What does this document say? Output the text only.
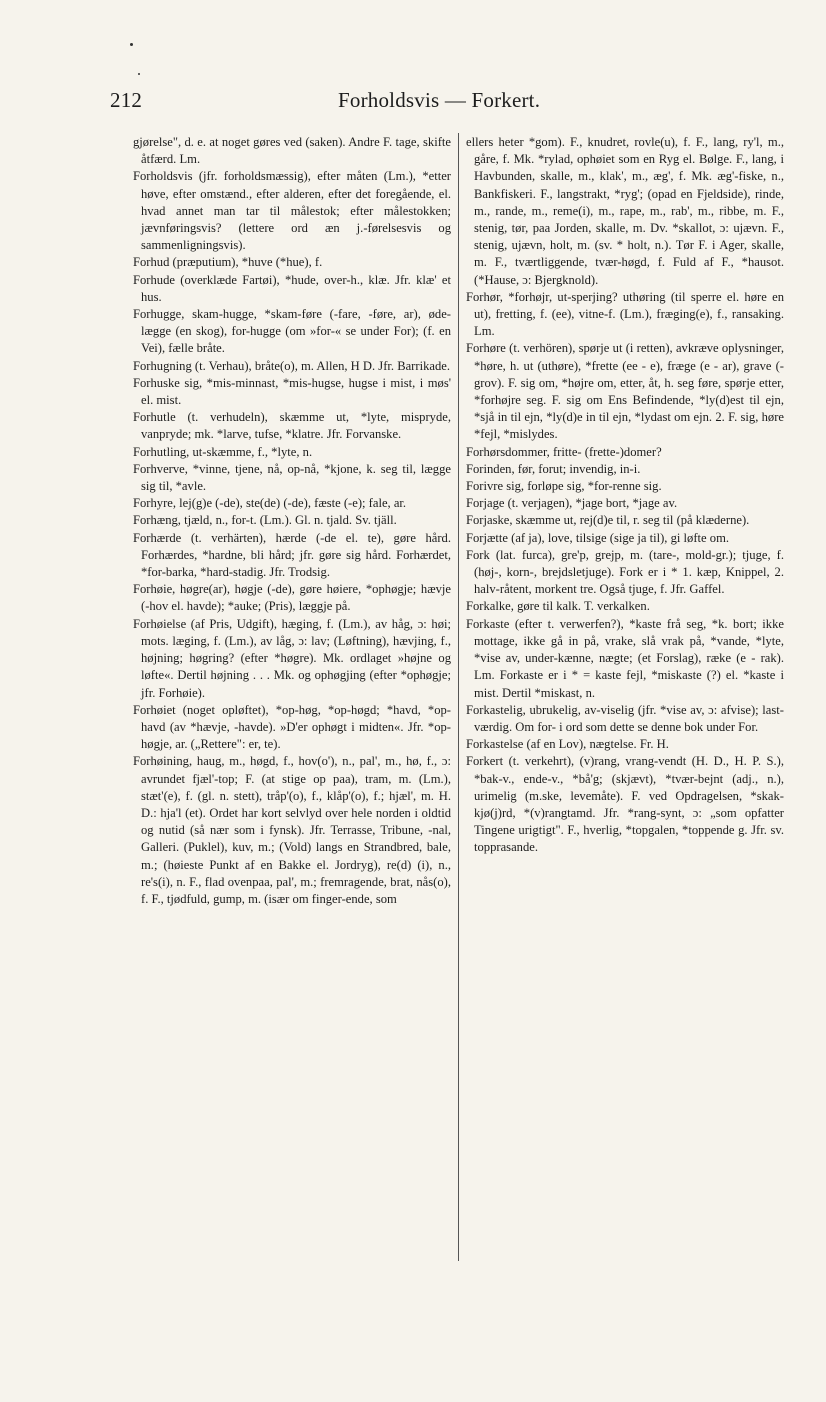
212	Forholdsvis — Forkert.

gjørelse", d. e. at noget gøres ved (saken). Andre F. tage, skifte åtfærd. Lm.

Forholdsvis (jfr. forholdsmæssig), efter måten (Lm.), *etter høve, efter omstænd., efter alderen, efter det foregående, el. hvad annet man tar til målestok; efter målestokken; jævnføringsvis? (lettere ord æn j.-førelsesvis og sammenligningsvis).

Forhud (præputium), *huve (*hue), f.

Forhude (overklæde Fartøi), *hude, over-h., klæ. Jfr. klæ' et hus.

Forhugge, skam-hugge, *skam-føre (-fare, -føre, ar), øde-lægge (en skog), for-hugge (om »for-« se under For); (f. en Vei), fælle bråte.

Forhugning (t. Verhau), bråte(o), m. Allen, H D. Jfr. Barrikade.

Forhuske sig, *mis-minnast, *mis-hugse, hugse i mist, i møs' el. mist.

Forhutle (t. verhudeln), skæmme ut, *lyte, mispryde, vanpryde; mk. *larve, tufse, *klatre. Jfr. Forvanske.

Forhutling, ut-skæmme, f., *lyte, n.

Forhverve, *vinne, tjene, nå, op-nå, *kjone, k. seg til, lægge sig til, *avle.

Forhyre, lej(g)e (-de), ste(de) (-de), fæste (-e); fale, ar.

Forhæng, tjæld, n., for-t. (Lm.). Gl. n. tjald. Sv. tjäll.

Forhærde (t. verhärten), hærde (-de el. te), gøre hård. Forhærdes, *hardne, bli hård; jfr. gøre sig hård. Forhærdet, *for-barka, *hard-stadig. Jfr. Trodsig.

Forhøie, høgre(ar), høgje (-de), gøre høiere, *ophøgje; hævje (-hov el. havde); *auke; (Pris), læggje på.

Forhøielse (af Pris, Udgift), hæging, f. (Lm.), av håg, ɔ: høi; mots. læging, f. (Lm.), av låg, ɔ: lav; (Løftning), hævjing, f., højning; høgring? (efter *høgre). Mk. ordlaget »højne og løfte«. Dertil højning . . . Mk. og ophøgjing (efter *ophøgje; jfr. Forhøie).

Forhøiet (noget opløftet), *op-høg, *op-høgd; *havd, *op-havd (av *hævje, -havde). »D'er ophøgt i midten«. Jfr. *op-høgje, ar. („Rettere": er, te).

Forhøining, haug, m., høgd, f., hov(o'), n., pal', m., hø, f., ɔ: avrundet fjæl'-top; F. (at stige op paa), tram, m. (Lm.), stæt'(e), f. (gl. n. stett), tråp'(o), f., klåp'(o), f.; hjæl', m. H. D.: hja'l (et). Ordet har kort selvlyd over hele norden i oldtid og nutid (så nær som i fynsk). Jfr. Terrasse, Tribune, -nal, Galleri. (Puklel), kuv, m.; (Vold) langs en Strandbred, bale, m.; (høieste Punkt af en Bakke el. Jordryg), re(d) (i), n., re's(i), n. F., flad ovenpaa, pal', m.; fremragende, brat, nås(o), f. F., tjødfuld, gump, m. (især om finger-ende, som

ellers heter *gom). F., knudret, rovle(u), f. F., lang, ry'l, m., gåre, f. Mk. *rylad, ophøiet som en Ryg el. Bølge. F., lang, i Havbunden, skalle, m., klak', m., æg', f. Mk. æg'-fiske, n., Bankfiskeri. F., langstrakt, *ryg'; (opad en Fjeldside), rinde, m., rande, m., reme(i), m., rape, m., rab', m., ribbe, m. F., stenig, tør, paa Jorden, skalle, m. Dv. *skallot, ɔ: ujævn. F., stenig, ujævn, holt, m. (sv. * holt, n.). Tør F. i Ager, skalle, m. F., tværtliggende, tvær-høgd, f. Fuld af F., *hausot. (*Hause, ɔ: Bjergknold).

Forhør, *forhøjr, ut-sperjing? uthøring (til sperre el. høre en ut), fretting, f. (ee), vitne-f. (Lm.), fræging(e), f., ransaking. Lm.

Forhøre (t. verhören), spørje ut (i retten), avkræve oplysninger, *høre, h. ut (uthøre), *frette (ee - e), fræge (e - ar), grave (-grov). F. sig om, *højre om, etter, åt, h. seg føre, spørje etter, *forhøjre seg. F. sig om Ens Befindende, *ly(d)est til ejn, *sjå in til ejn, *ly(d)e in til ejn, *lydast om ejn. 2. F. sig, høre *fejl, *mislydes.

Forhørsdommer, fritte- (frette-)domer?

Forinden, før, forut; invendig, in-i.

Forivre sig, forløpe sig, *for-renne sig.

Forjage (t. verjagen), *jage bort, *jage av.

Forjaske, skæmme ut, rej(d)e til, r. seg til (på klæderne).

Forjætte (af ja), love, tilsige (sige ja til), gi løfte om.

Fork (lat. furca), gre'p, grejp, m. (tare-, mold-gr.); tjuge, f. (høj-, korn-, brejdsletjuge). Fork er i * 1. kæp, Knippel, 2. halv-råtent, morkent tre. Også tjuge, f. Jfr. Gaffel.

Forkalke, gøre til kalk. T. verkalken.

Forkaste (efter t. verwerfen?), *kaste frå seg, *k. bort; ikke mottage, ikke gå in på, vrake, slå vrak på, *vande, *lyte, *vise av, under-kænne, nægte; (et Forslag), ræke (e - rak). Lm. Forkaste er i * = kaste fejl, *miskaste (?) el. *kaste i mist. Dertil *miskast, n.

Forkastelig, ubrukelig, av-viselig (jfr. *vise av, ɔ: afvise); last-værdig. Om for- i ord som dette se denne bok under For.

Forkastelse (af en Lov), nægtelse. Fr. H.

Forkert (t. verkehrt), (v)rang, vrang-vendt (H. D., H. P. S.), *bak-v., ende-v., *bå'g; (skjævt), *tvær-bejnt (adj., n.), urimelig (m.ske, levemåte). F. ved Opdragelsen, *skak-kjø(j)rd, *(v)rangtamd. Jfr. *rang-synt, ɔ: „som opfatter Tingene urigtigt". F., hverlig, *topgalen, *toppende g. Jfr. sv. topprasande.
